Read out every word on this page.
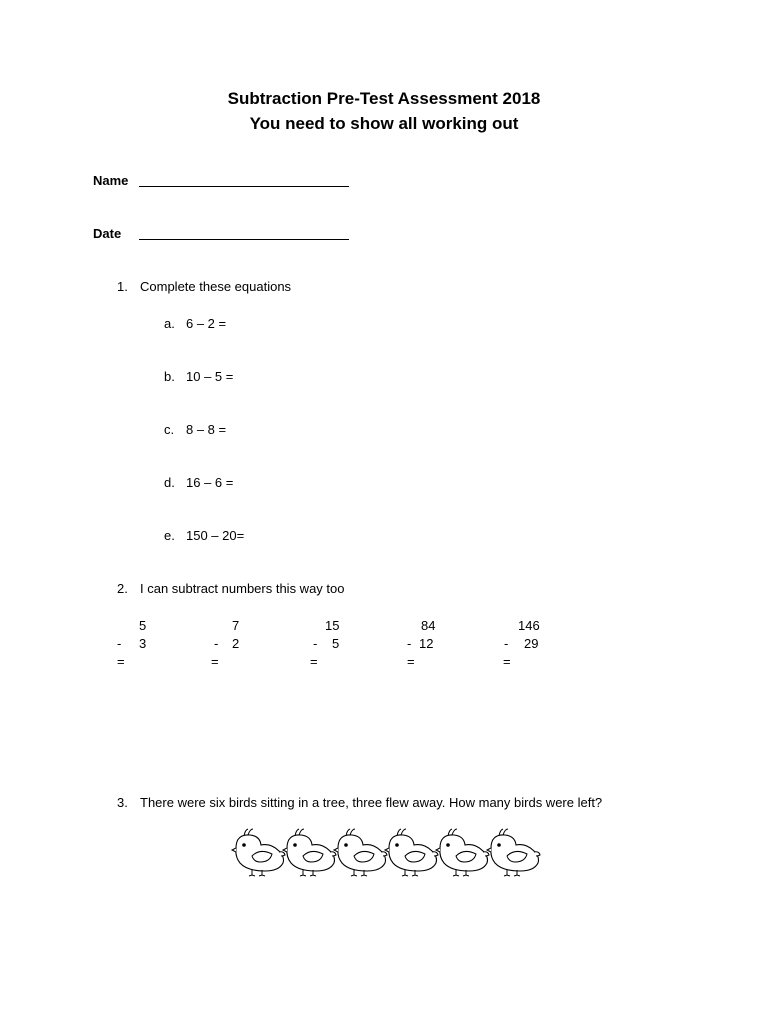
Subtraction Pre-Test Assessment 2018
You need to show all working out
Name
Date
1. Complete these equations
a. 6 – 2 =
b. 10 – 5 =
c. 8 – 8 =
d. 16 – 6 =
e. 150 – 20=
2. I can subtract numbers this way too
5
- 3
=
7
- 2
=
15
- 5
=
84
- 12
=
146
- 29
=
3. There were six birds sitting in a tree, three flew away. How many birds were left?
